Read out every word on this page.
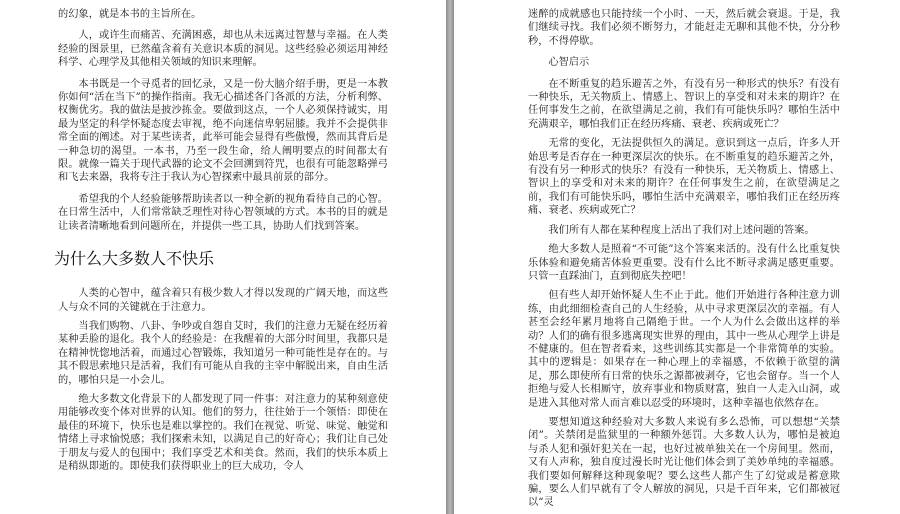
的幻象，就是本书的主旨所在。

人，或许生而痛苦、充满困惑，却也从未远离过智慧与幸福。在人类经验的图景里，已然蕴含着有关意识本质的洞见。这些经验必须运用神经科学、心理学及其他相关领域的知识来理解。

本书既是一个寻觅者的回忆录，又是一份大脑介绍手册，更是一本教你如何“活在当下”的操作指南。我无心描述各门各派的方法，分析利弊、权衡优劣。我的做法是披沙拣金。要做到这点，一个人必须保持诚实，用最为坚定的科学怀疑态度去审视，绝不向迷信卑躬屈膝。我并不会提供非常全面的阐述。对于某些读者，此举可能会显得有些傲慢，然而其背后是一种急切的渴望。一本书，乃至一段生命，给人阐明要点的时间都太有限。就像一篇关于现代武器的论文不会回溯到符咒，也很有可能忽略弹弓和飞去来器，我将专注于我认为心智探索中最具前景的部分。

希望我的个人经验能够帮助读者以一种全新的视角看待自己的心智。在日常生活中，人们常常缺乏理性对待心智领域的方式。本书的目的就是让读者清晰地看到问题所在，并提供一些工具，协助人们找到答案。

为什么大多数人不快乐

人类的心智中，蕴含着只有极少数人才得以发现的广阔天地，而这些人与众不同的关键就在于注意力。

当我们购物、八卦、争吵或自怨自艾时，我们的注意力无疑在经历着某种丢脸的退化。我个人的经验是：在我醒着的大部分时间里，我都只是在精神恍惚地活着，而通过心智锻炼，我知道另一种可能性是存在的。与其不假思索地只是活着，我们有可能从自我的主宰中解脱出来，自由生活的，哪怕只是一小会儿。

绝大多数文化背景下的人都发现了同一件事：对注意力的某种刻意使用能够改变个体对世界的认知。他们的努力，往往始于一个领悟：即使在最佳的环境下，快乐也是难以掌控的。我们在视觉、听觉、味觉、触觉和情绪上寻求愉悦感；我们探索未知，以满足自己的好奇心；我们让自己处于朋友与爱人的包围中；我们享受艺术和美食。然而，我们的快乐本质上是稍纵即逝的。即使我们获得职业上的巨大成功，令人

迷醉的成就感也只能持续一个小时、一天，然后就会衰退。于是，我们继续寻找。我们必须不断努力，才能赶走无聊和其他不快，分分秒秒，不得停歇。

心智启示

在不断重复的趋乐避苦之外，有没有另一种形式的快乐？有没有一种快乐，无关物质上、情感上、智识上的享受和对未来的期许？在任何事发生之前，在欲望满足之前，我们有可能快乐吗？哪怕生活中充满艰辛，哪怕我们正在经历疼痛、衰老、疾病或死亡？

无常的变化，无法提供恒久的满足。意识到这一点后，许多人开始思考是否存在一种更深层次的快乐。在不断重复的趋乐避苦之外，有没有另一种形式的快乐？有没有一种快乐，无关物质上、情感上、智识上的享受和对未来的期许？在任何事发生之前，在欲望满足之前，我们有可能快乐吗，哪怕生活中充满艰辛，哪怕我们正在经历疼痛、衰老、疾病或死亡？

我们所有人都在某种程度上活出了我们对上述问题的答案。

绝大多数人是照着“不可能”这个答案来活的。没有什么比重复快乐体验和避免痛苦体验更重要。没有什么比不断寻求满足感更重要。只管一直踩油门，直到彻底失控吧！

但有些人却开始怀疑人生不止于此。他们开始进行各种注意力训练，由此细细检查自己的人生经验，从中寻求更深层次的幸福。有人甚至会经年累月地将自己隔绝于世。一个人为什么会做出这样的举动？人们的确有很多逃离现实世界的理由，其中一些从心理学上讲是不健康的。但在智者看来，这些训练其实都是一个非常简单的实验。其中的逻辑是：如果存在一种心理上的幸福感，不依赖于欲望的满足，那么即使所有日常的快乐之源都被剥夺，它也会留存。当一个人拒绝与爱人长相厮守，放弃事业和物质财富，独自一人走入山洞，或是进入其他对常人而言难以忍受的环境时，这种幸福也依然存在。

要想知道这种经验对大多数人来说有多么恐怖，可以想想“关禁闭”。关禁闭是监狱里的一种额外惩罚。大多数人认为，哪怕是被迫与杀人犯和强奸犯关在一起，也好过被单独关在一个房间里。然而，又有人声称，独自度过漫长时光让他们体会到了美妙单纯的幸福感。我们要如何解释这种现象呢？要么这些人都产生了幻觉或是蓄意欺骗，要么人们早就有了令人解放的洞见，只是千百年来，它们都被冠以“灵
